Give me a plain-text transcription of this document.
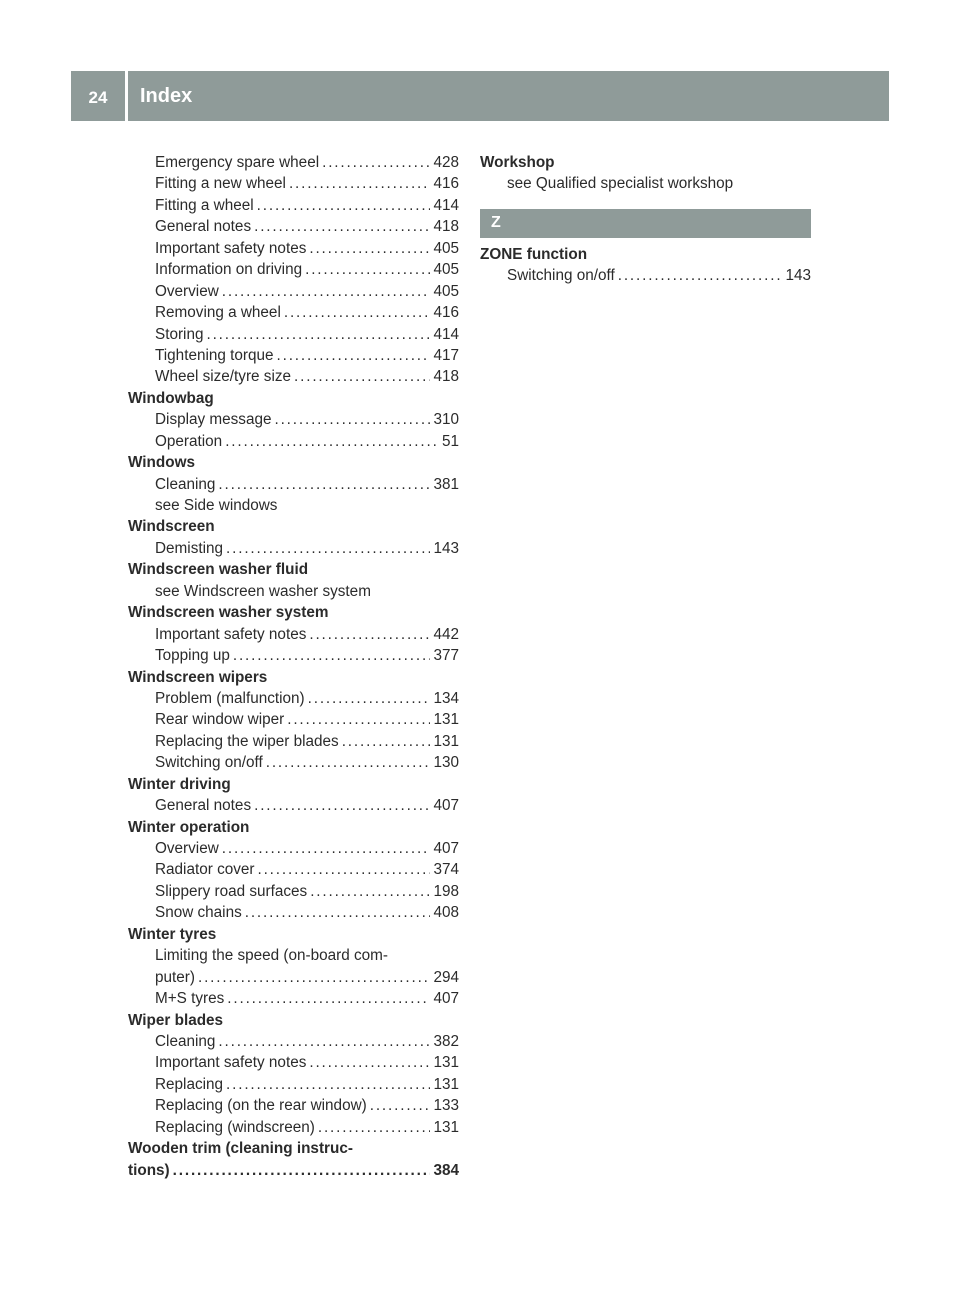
24	Index
Emergency spare wheel . . .	428
Fitting a new wheel . . .	416
Fitting a wheel . . .	414
General notes . . .	418
Important safety notes . . .	405
Information on driving . . .	405
Overview . . .	405
Removing a wheel . . .	416
Storing . . .	414
Tightening torque . . .	417
Wheel size/tyre size . . .	418
Windowbag
Display message . . .	310
Operation . . .	51
Windows
Cleaning . . .	381
see Side windows
Windscreen
Demisting . . .	143
Windscreen washer fluid
see Windscreen washer system
Windscreen washer system
Important safety notes . . .	442
Topping up . . .	377
Windscreen wipers
Problem (malfunction) . . .	134
Rear window wiper . . .	131
Replacing the wiper blades . . .	131
Switching on/off . . .	130
Winter driving
General notes . . .	407
Winter operation
Overview . . .	407
Radiator cover . . .	374
Slippery road surfaces . . .	198
Snow chains . . .	408
Winter tyres
Limiting the speed (on-board com-
puter) . . .	294
M+S tyres . . .	407
Wiper blades
Cleaning . . .	382
Important safety notes . . .	131
Replacing . . .	131
Replacing (on the rear window) . . .	133
Replacing (windscreen) . . .	131
Wooden trim (cleaning instruc-
tions) . . .	384
Workshop
see Qualified specialist workshop
Z
ZONE function
Switching on/off . . .	143
